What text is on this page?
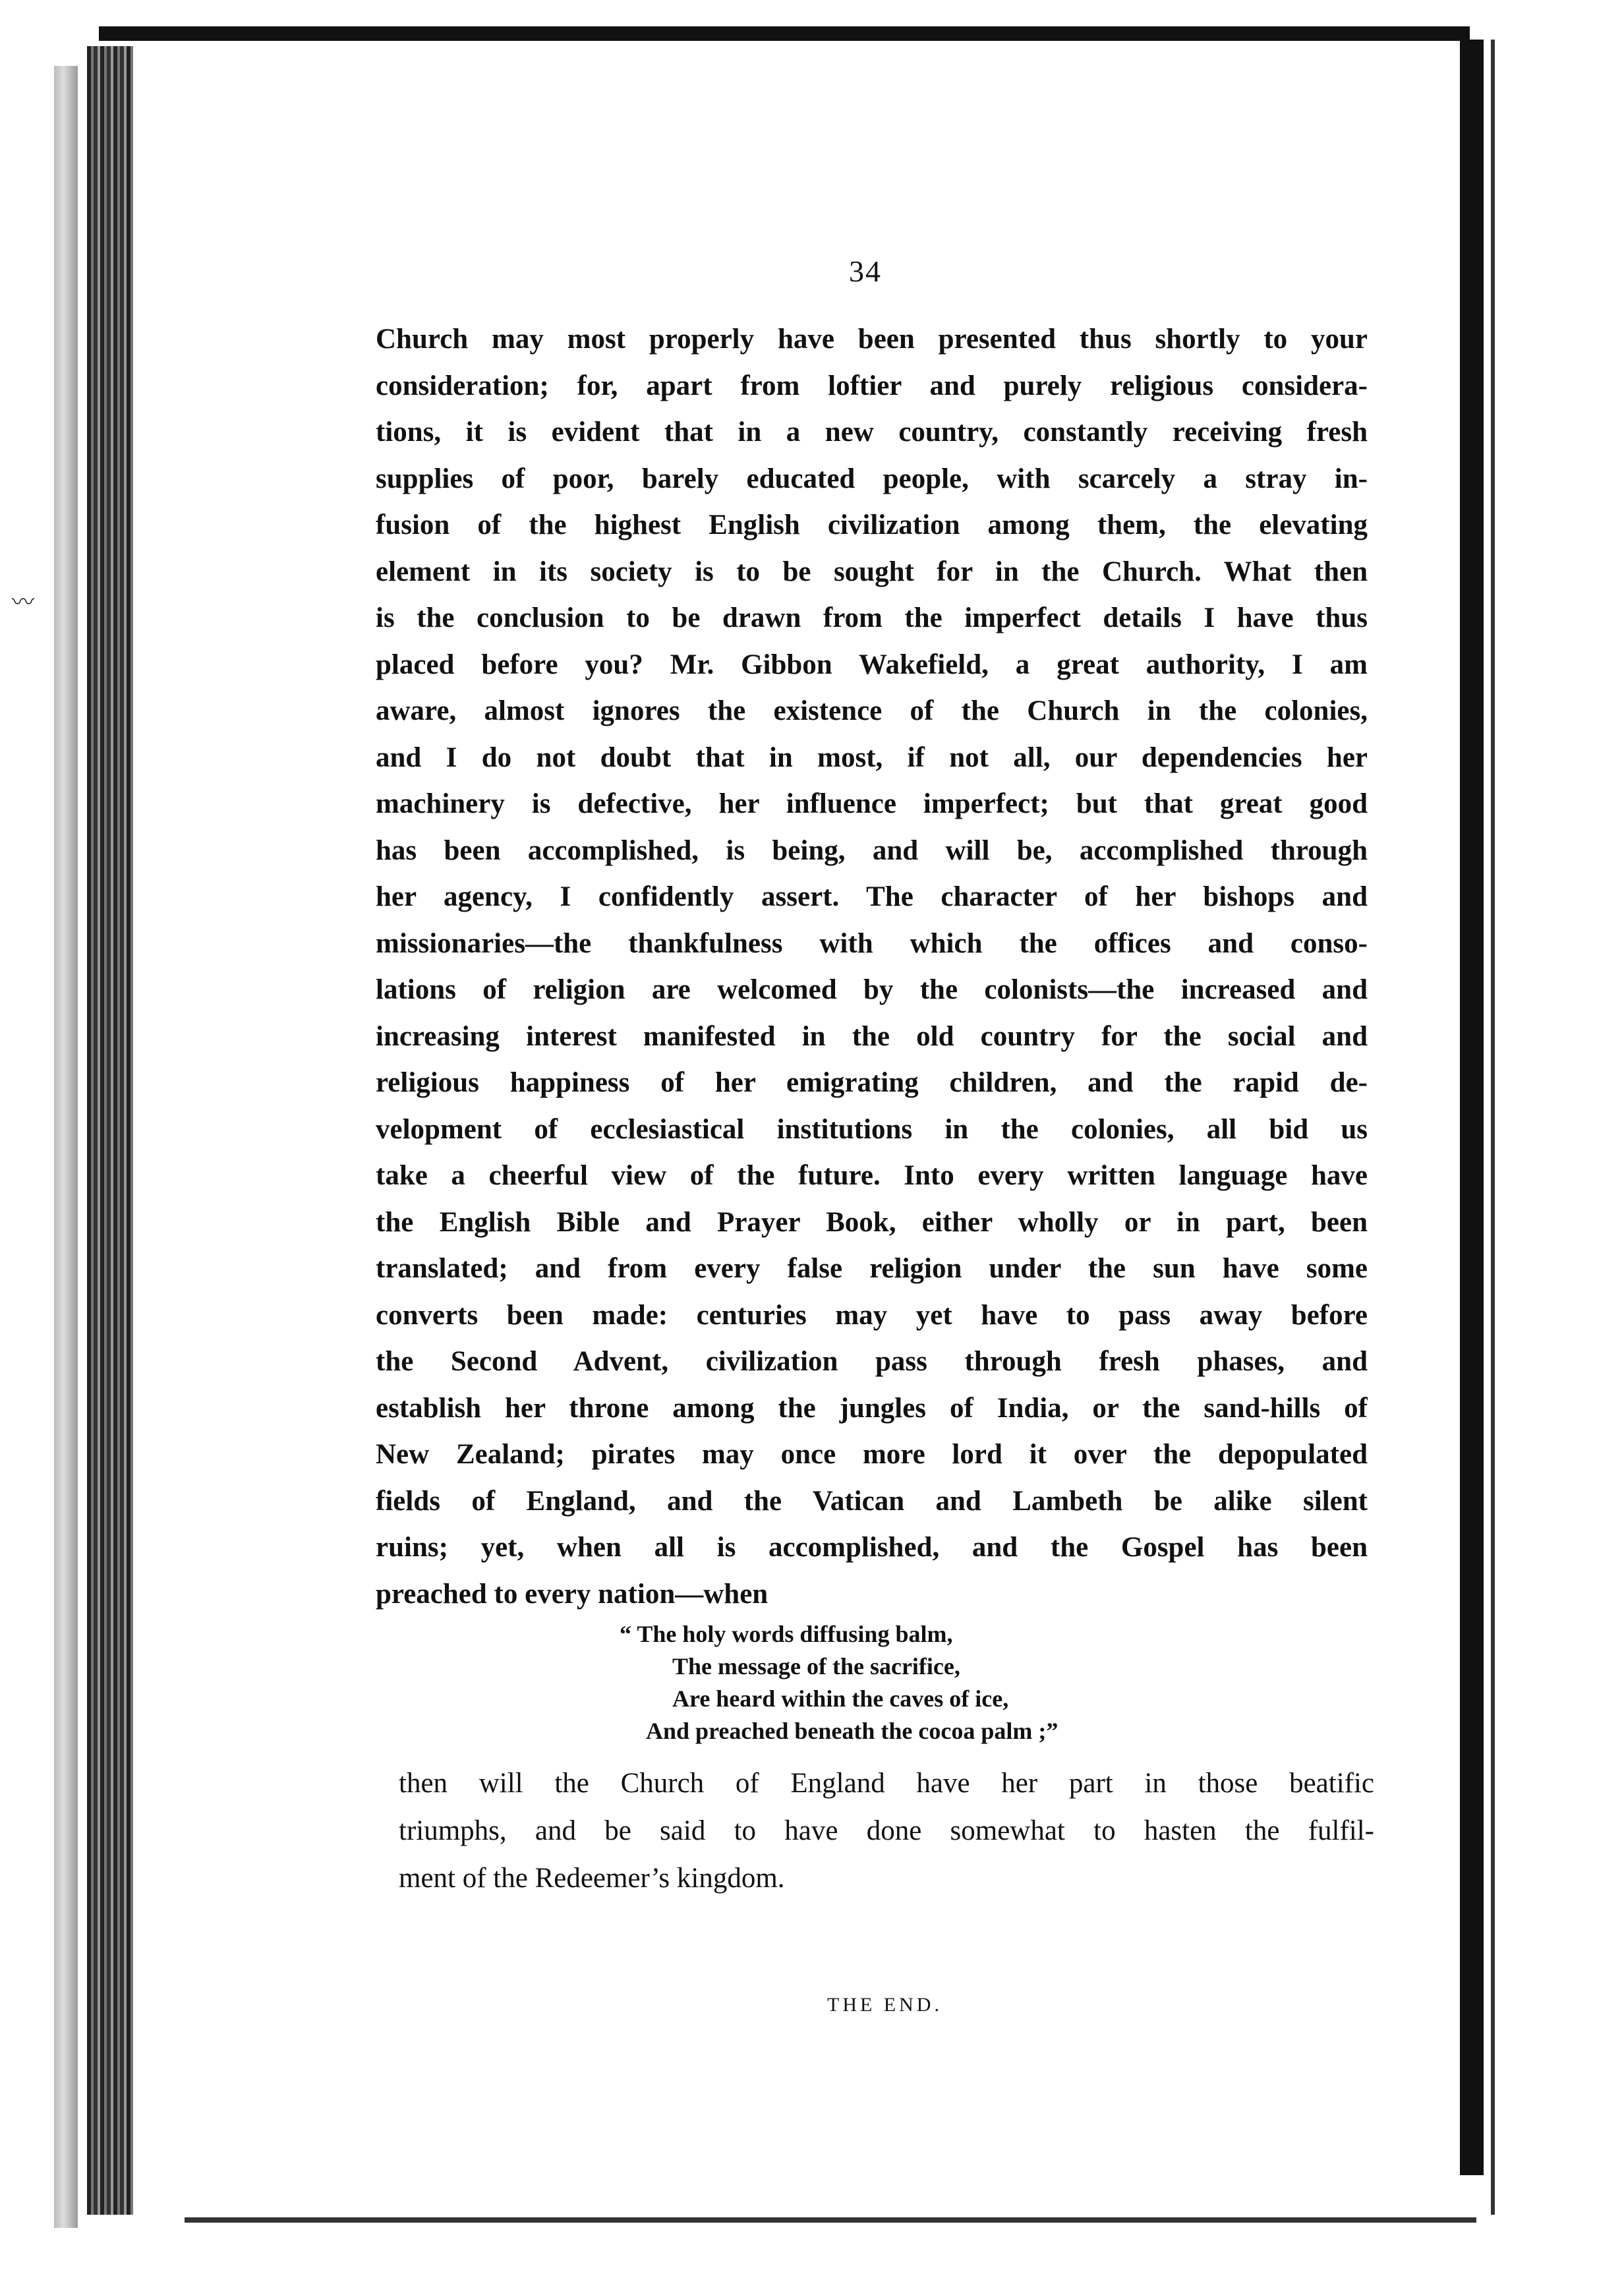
〰
34
Church may most properly have been presented thus shortly to your
consideration; for, apart from loftier and purely religious considera-
tions, it is evident that in a new country, constantly receiving fresh
supplies of poor, barely educated people, with scarcely a stray in-
fusion of the highest English civilization among them, the elevating
element in its society is to be sought for in the Church. What then
is the conclusion to be drawn from the imperfect details I have thus
placed before you? Mr. Gibbon Wakefield, a great authority, I am
aware, almost ignores the existence of the Church in the colonies,
and I do not doubt that in most, if not all, our dependencies her
machinery is defective, her influence imperfect; but that great good
has been accomplished, is being, and will be, accomplished through
her agency, I confidently assert. The character of her bishops and
missionaries—the thankfulness with which the offices and conso-
lations of religion are welcomed by the colonists—the increased and
increasing interest manifested in the old country for the social and
religious happiness of her emigrating children, and the rapid de-
velopment of ecclesiastical institutions in the colonies, all bid us
take a cheerful view of the future. Into every written language have
the English Bible and Prayer Book, either wholly or in part, been
translated; and from every false religion under the sun have some
converts been made: centuries may yet have to pass away before
the Second Advent, civilization pass through fresh phases, and
establish her throne among the jungles of India, or the sand-hills of
New Zealand; pirates may once more lord it over the depopulated
fields of England, and the Vatican and Lambeth be alike silent
ruins; yet, when all is accomplished, and the Gospel has been
preached to every nation—when
“ The holy words diffusing balm,
The message of the sacrifice,
Are heard within the caves of ice,
And preached beneath the cocoa palm ;”
then will the Church of England have her part in those beatific
triumphs, and be said to have done somewhat to hasten the fulfil-
ment of the Redeemer’s kingdom.
THE END.
